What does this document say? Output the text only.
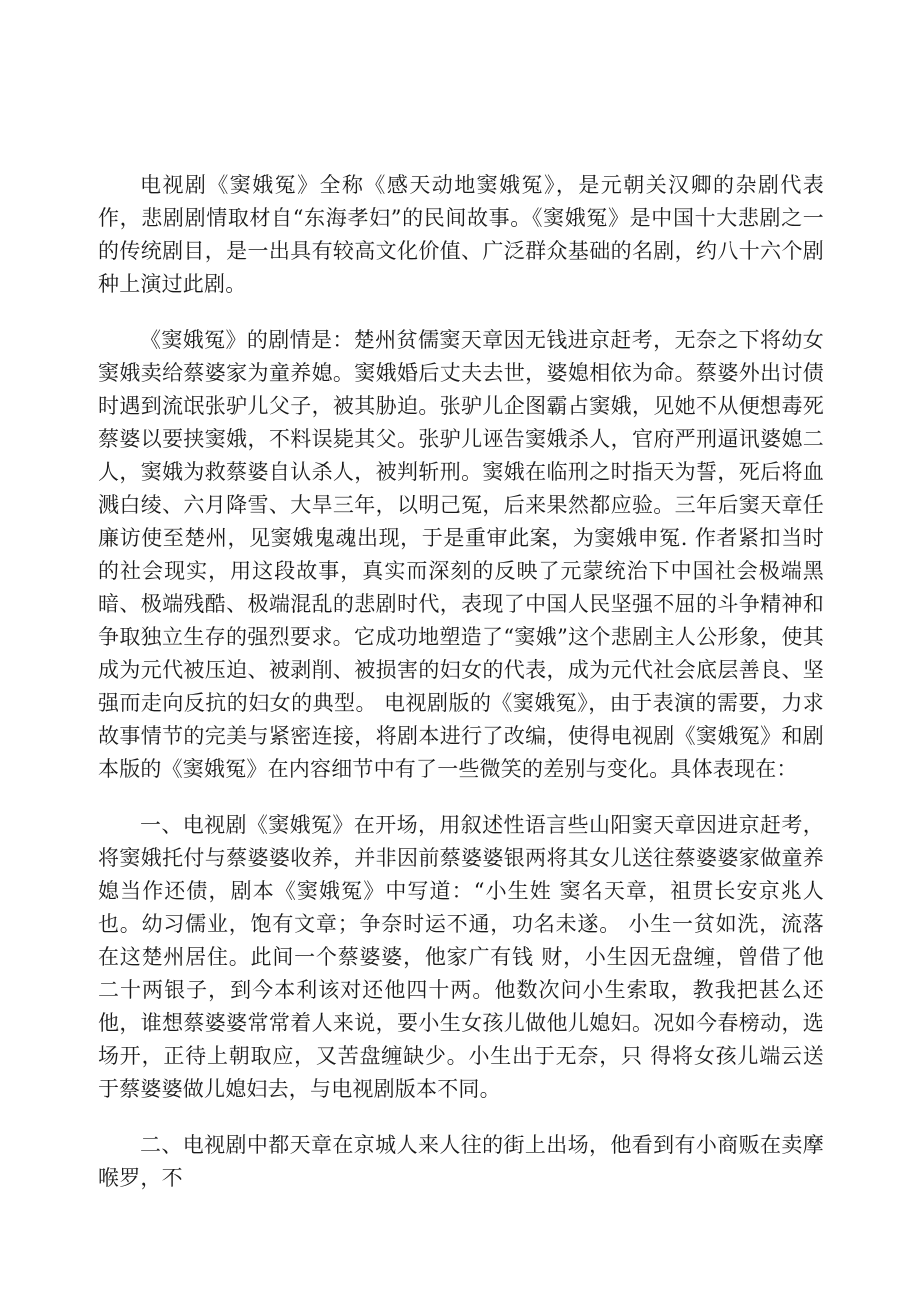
电视剧《窦娥冤》全称《感天动地窦娥冤》，是元朝关汉卿的杂剧代表作，悲剧剧情取材自“东海孝妇”的民间故事。《窦娥冤》是中国十大悲剧之一的传统剧目，是一出具有较高文化价值、广泛群众基础的名剧，约八十六个剧种上演过此剧。

《窦娥冤》的剧情是：楚州贫儒窦天章因无钱进京赶考，无奈之下将幼女窦娥卖给蔡婆家为童养媳。窦娥婚后丈夫去世，婆媳相依为命。蔡婆外出讨债时遇到流氓张驴儿父子，被其胁迫。张驴儿企图霸占窦娥，见她不从便想毒死蔡婆以要挟窦娥，不料误毙其父。张驴儿诬告窦娥杀人，官府严刑逼讯婆媳二人，窦娥为救蔡婆自认杀人，被判斩刑。窦娥在临刑之时指天为誓，死后将血溅白绫、六月降雪、大旱三年，以明己冤，后来果然都应验。三年后窦天章任廉访使至楚州，见窦娥鬼魂出现，于是重审此案，为窦娥申冤. 作者紧扣当时的社会现实，用这段故事，真实而深刻的反映了元蒙统治下中国社会极端黑暗、极端残酷、极端混乱的悲剧时代，表现了中国人民坚强不屈的斗争精神和争取独立生存的强烈要求。它成功地塑造了“窦娥”这个悲剧主人公形象，使其成为元代被压迫、被剥削、被损害的妇女的代表，成为元代社会底层善良、坚强而走向反抗的妇女的典型。 电视剧版的《窦娥冤》，由于表演的需要，力求故事情节的完美与紧密连接，将剧本进行了改编，使得电视剧《窦娥冤》和剧本版的《窦娥冤》在内容细节中有了一些微笑的差别与变化。具体表现在：

一、电视剧《窦娥冤》在开场，用叙述性语言些山阳窦天章因进京赶考，将窦娥托付与蔡婆婆收养，并非因前蔡婆婆银两将其女儿送往蔡婆婆家做童养媳当作还债，剧本《窦娥冤》中写道：“小生姓 窦名天章，祖贯长安京兆人也。幼习儒业，饱有文章；争奈时运不通，功名未遂。 小生一贫如洗，流落在这楚州居住。此间一个蔡婆婆，他家广有钱 财，小生因无盘缠，曾借了他二十两银子，到今本利该对还他四十两。他数次问小生索取，教我把甚么还他，谁想蔡婆婆常常着人来说，要小生女孩儿做他儿媳妇。况如今春榜动，选场开，正待上朝取应，又苦盘缠缺少。小生出于无奈，只 得将女孩儿端云送于蔡婆婆做儿媳妇去，与电视剧版本不同。

二、电视剧中都天章在京城人来人往的街上出场，他看到有小商贩在卖摩喉罗，不
